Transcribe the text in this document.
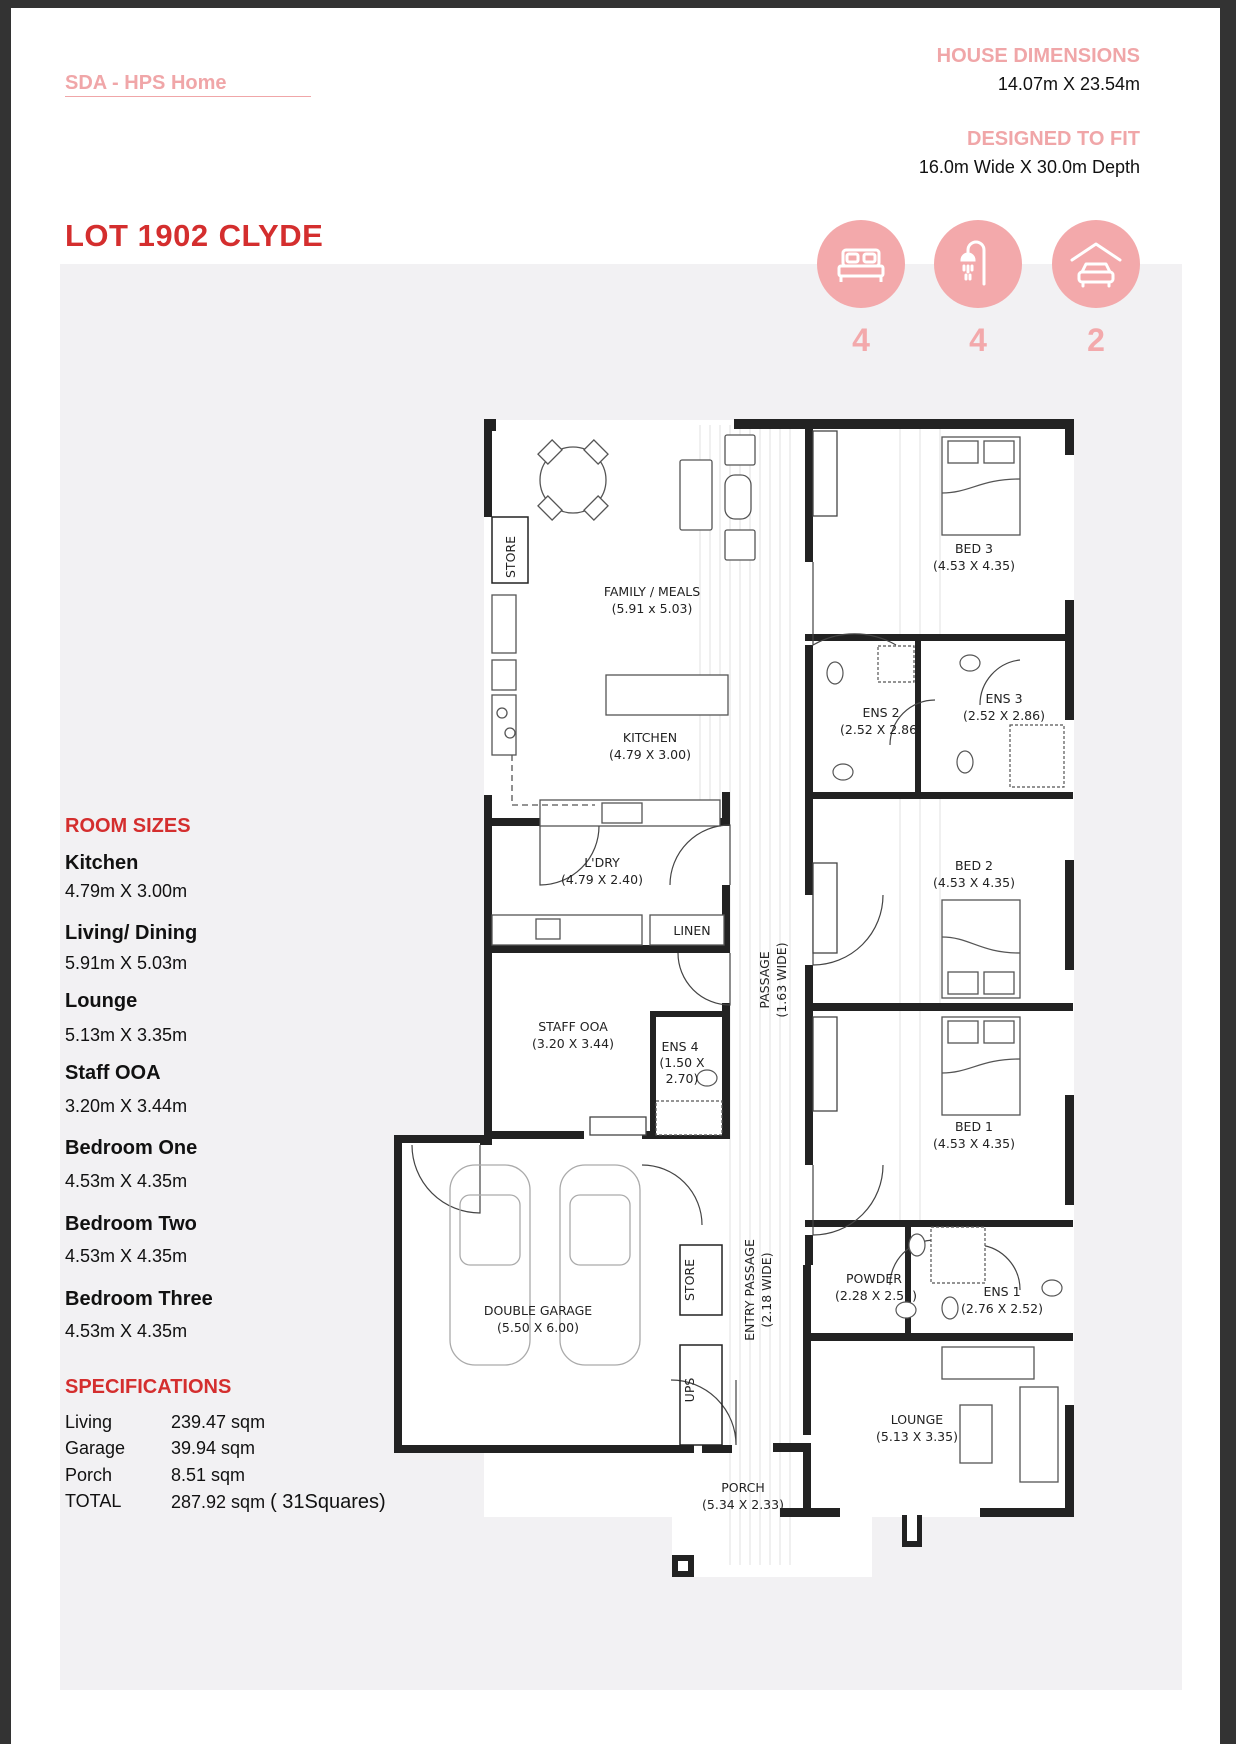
SDA - HPS Home
HOUSE DIMENSIONS
14.07m X 23.54m
DESIGNED TO FIT
16.0m Wide X 30.0m Depth
LOT 1902 CLYDE
4	4	2
ROOM SIZES
Kitchen
4.79m X 3.00m
Living/ Dining
5.91m X 5.03m
Lounge
5.13m X 3.35m
Staff OOA
3.20m X 3.44m
Bedroom One
4.53m X 4.35m
Bedroom Two
4.53m X 4.35m
Bedroom Three
4.53m X 4.35m
SPECIFICATIONS
Living	239.47 sqm
Garage	39.94 sqm
Porch	8.51 sqm
TOTAL	287.92 sqm ( 31Squares)
STORE
FAMILY / MEALS
(5.91 x 5.03)
KITCHEN
(4.79 X 3.00)
L'DRY
(4.79 X 2.40)
LINEN
STAFF OOA
(3.20 X 3.44)	ENS 4
(1.50 X
2.70)
BED 3
(4.53 X 4.35)
ENS 2
(2.52 X 2.86)
ENS 3
(2.52 X 2.86)
BED 2
(4.53 X 4.35)
BED 1
(4.53 X 4.35)
POWDER
(2.28 X 2.52)	ENS 1
(2.76 X 2.52)
DOUBLE GARAGE
(5.50 X 6.00)
LOUNGE
(5.13 X 3.35)
PORCH
(5.34 X 2.33)
PASSAGE (1.63 WIDE)
ENTRY PASSAGE (2.18 WIDE)
STORE
UPS
